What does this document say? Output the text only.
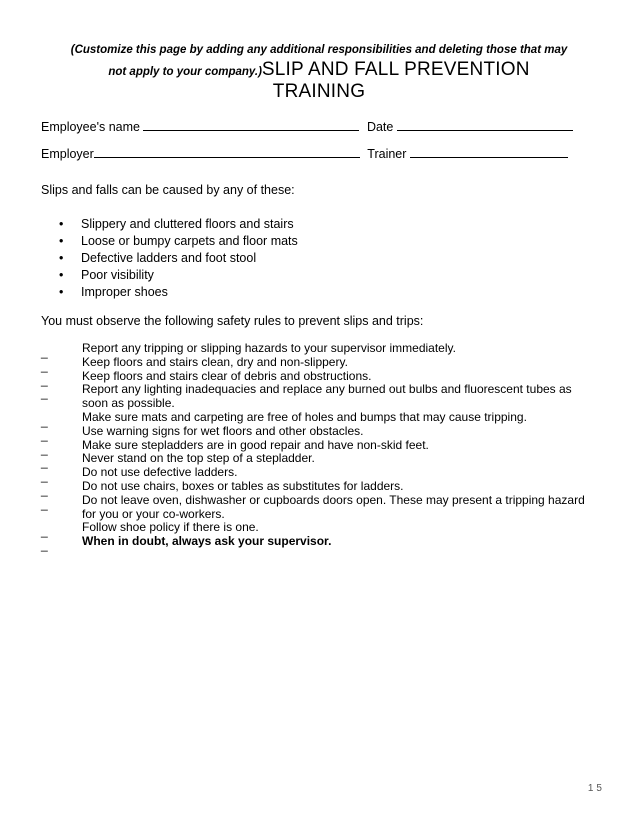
(Customize this page by adding any additional responsibilities and deleting those that may
not apply to your company.)SLIP AND FALL PREVENTION
TRAINING
Employee's name	Date
Employer	Trainer
Slips and falls can be caused by any of these:
• Slippery and cluttered floors and stairs
• Loose or bumpy carpets and floor mats
• Defective ladders and foot stool
• Poor visibility
• Improper shoes
You must observe the following safety rules to prevent slips and trips:
_	Report any tripping or slipping hazards to your supervisor immediately.
_	Keep floors and stairs clean, dry and non-slippery.
_	Keep floors and stairs clear of debris and obstructions.
_	Report any lighting inadequacies and replace any burned out bulbs and fluorescent tubes as soon as possible.
_	Make sure mats and carpeting are free of holes and bumps that may cause tripping.
_	Use warning signs for wet floors and other obstacles.
_	Make sure stepladders are in good repair and have non-skid feet.
_	Never stand on the top step of a stepladder.
_	Do not use defective ladders.
_	Do not use chairs, boxes or tables as substitutes for ladders.
_	Do not leave oven, dishwasher or cupboards doors open. These may present a tripping hazard for you or your co-workers.
_	Follow shoe policy if there is one.
_	When in doubt, always ask your supervisor.
15
